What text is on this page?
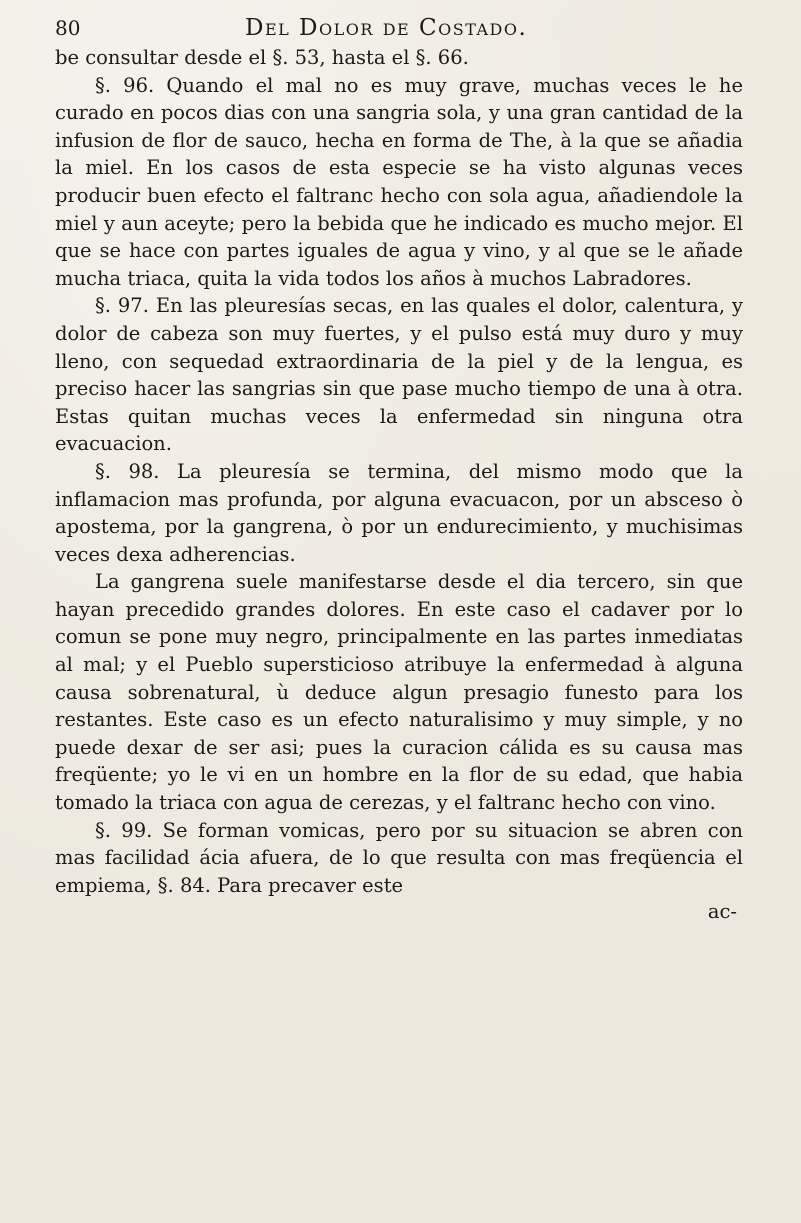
80	Del Dolor de Costado.

be consultar desde el §. 53, hasta el §. 66.

§. 96. Quando el mal no es muy grave, muchas veces le he curado en pocos dias con una sangria sola, y una gran cantidad de la infusion de flor de sauco, hecha en forma de The, à la que se añadia la miel. En los casos de esta especie se ha visto algunas veces producir buen efecto el faltranc hecho con sola agua, añadiendole la miel y aun aceyte; pero la bebida que he indicado es mucho mejor. El que se hace con partes iguales de agua y vino, y al que se le añade mucha triaca, quita la vida todos los años à muchos Labradores.

§. 97. En las pleuresías secas, en las quales el dolor, calentura, y dolor de cabeza son muy fuertes, y el pulso está muy duro y muy lleno, con sequedad extraordinaria de la piel y de la lengua, es preciso hacer las sangrias sin que pase mucho tiempo de una à otra. Estas quitan muchas veces la enfermedad sin ninguna otra evacuacion.

§. 98. La pleuresía se termina, del mismo modo que la inflamacion mas profunda, por alguna evacuacon, por un absceso ò apostema, por la gangrena, ò por un endurecimiento, y muchisimas veces dexa adherencias.

La gangrena suele manifestarse desde el dia tercero, sin que hayan precedido grandes dolores. En este caso el cadaver por lo comun se pone muy negro, principalmente en las partes inmediatas al mal; y el Pueblo supersticioso atribuye la enfermedad à alguna causa sobrenatural, ù deduce algun presagio funesto para los restantes. Este caso es un efecto naturalisimo y muy simple, y no puede dexar de ser asi; pues la curacion cálida es su causa mas freqüente; yo le vi en un hombre en la flor de su edad, que habia tomado la triaca con agua de cerezas, y el faltranc hecho con vino.

§. 99. Se forman vomicas, pero por su situacion se abren con mas facilidad ácia afuera, de lo que resulta con mas freqüencia el empiema, §. 84. Para precaver este

ac-
